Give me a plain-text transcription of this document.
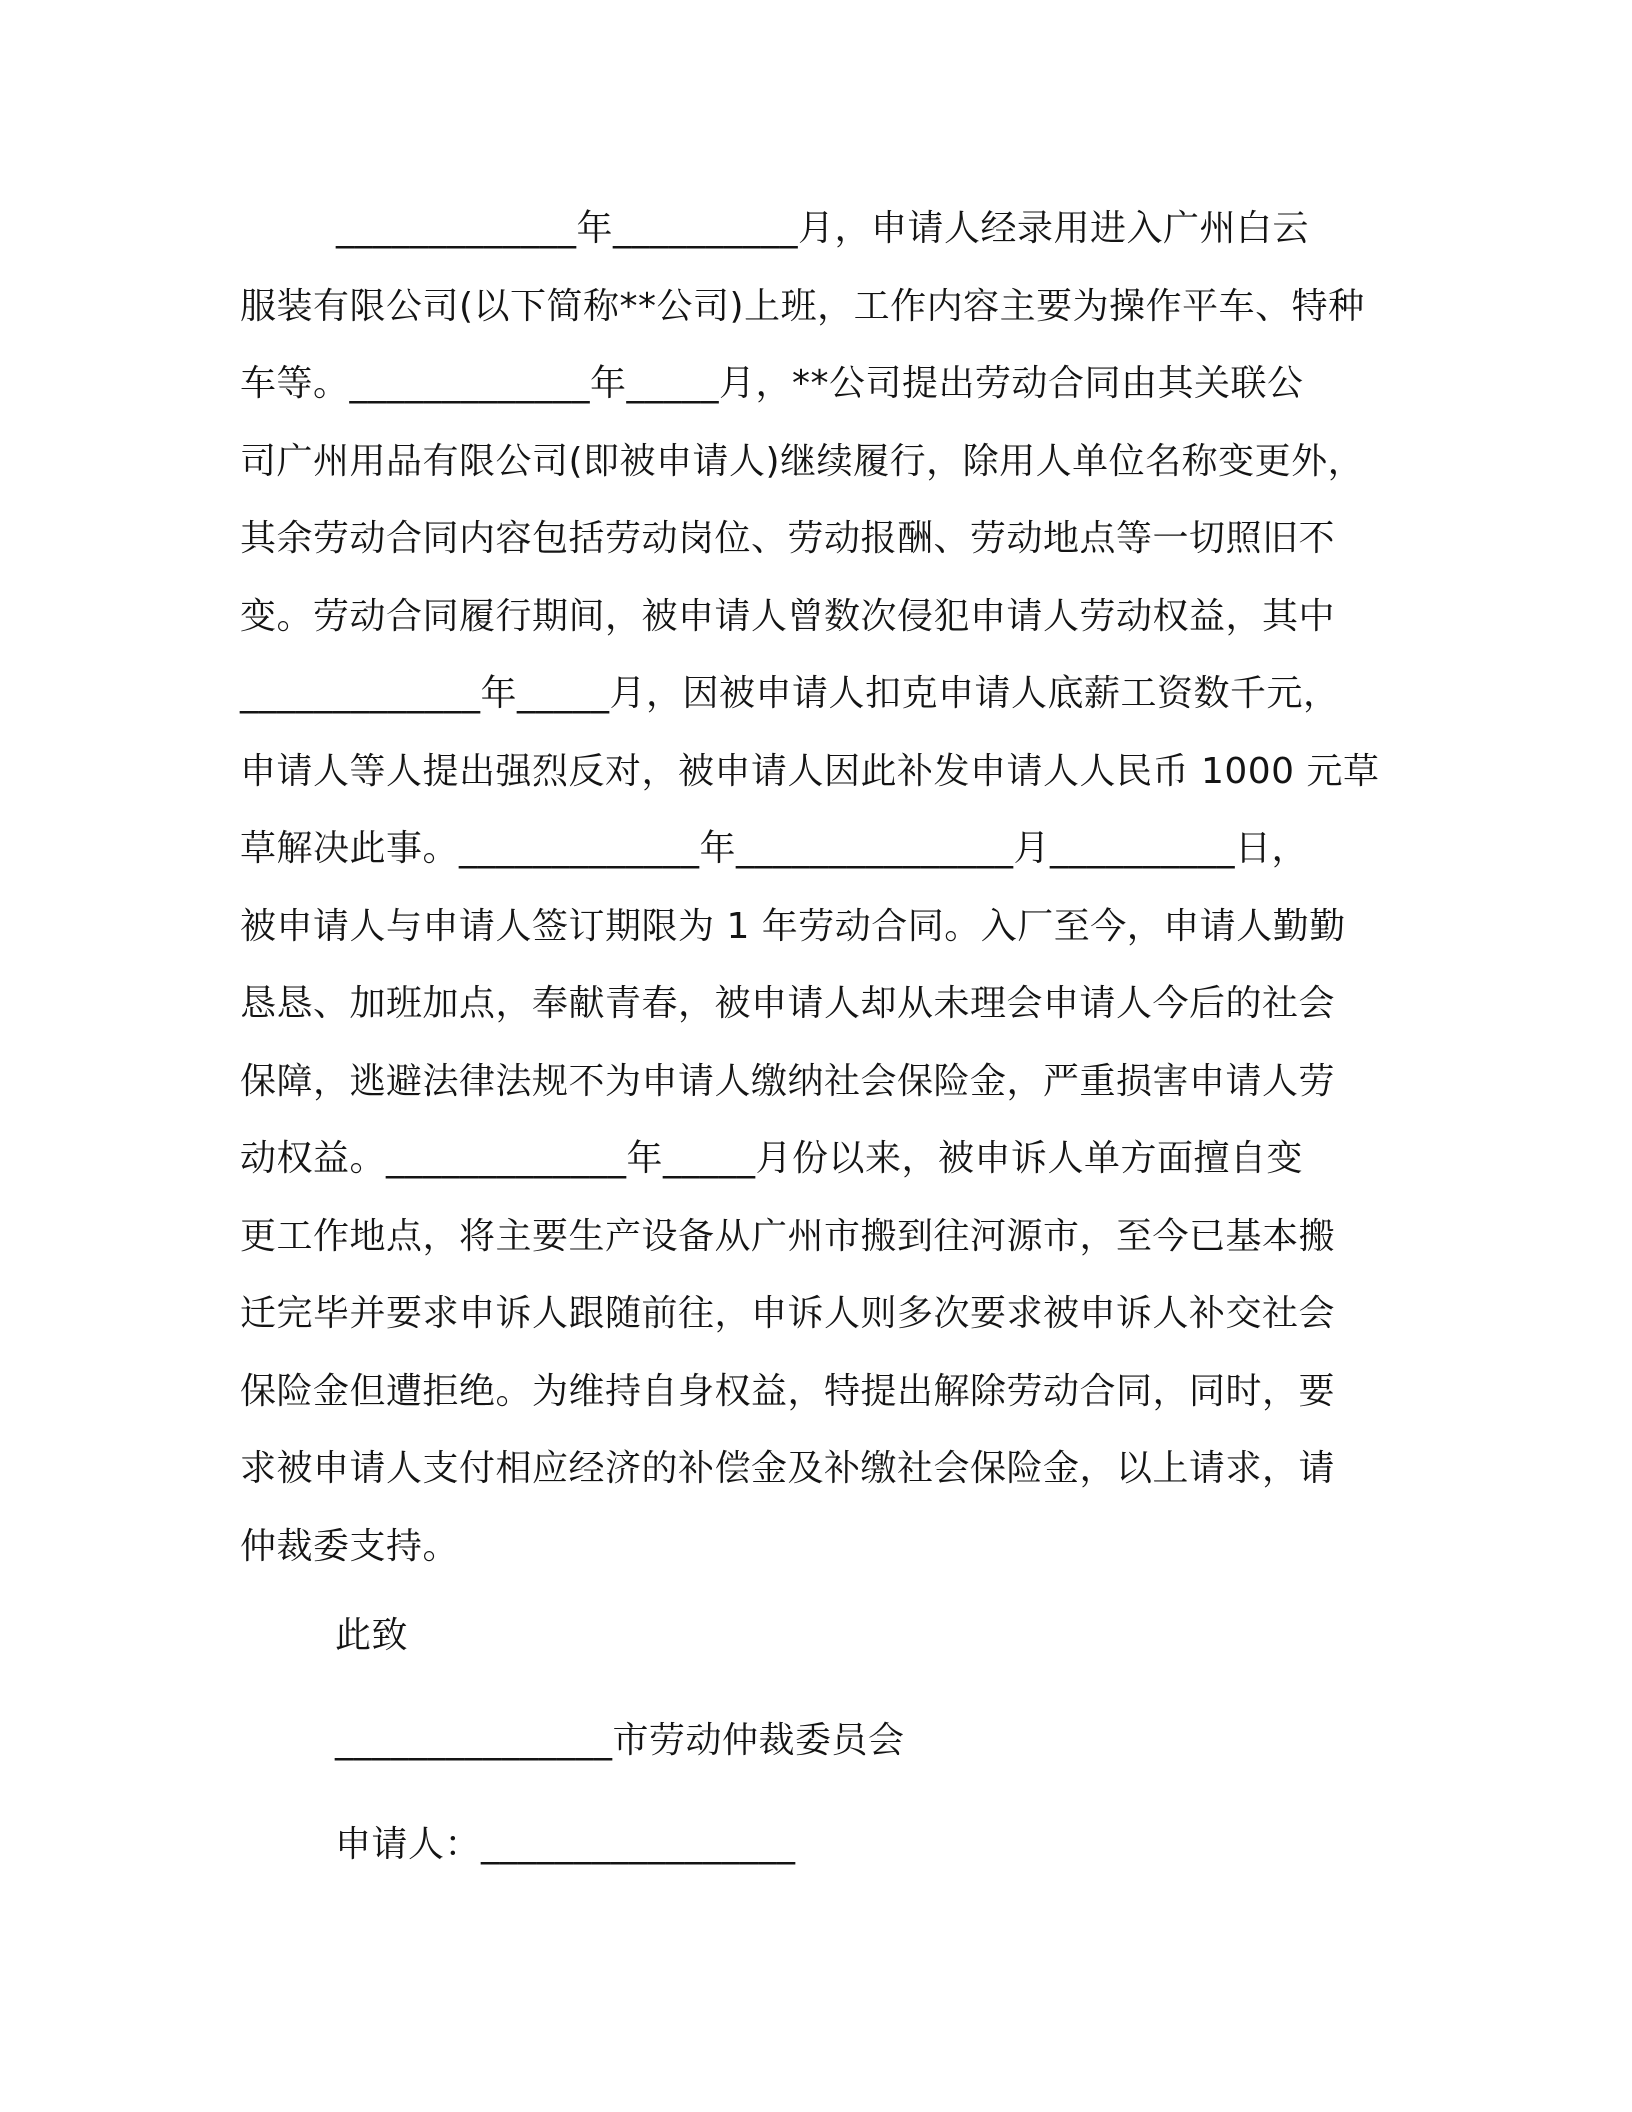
_____________年__________月，申请人经录用进入广州白云
服装有限公司(以下简称**公司)上班，工作内容主要为操作平车、特种
车等。_____________年_____月，**公司提出劳动合同由其关联公
司广州用品有限公司(即被申请人)继续履行，除用人单位名称变更外，
其余劳动合同内容包括劳动岗位、劳动报酬、劳动地点等一切照旧不
变。劳动合同履行期间，被申请人曾数次侵犯申请人劳动权益，其中
_____________年_____月，因被申请人扣克申请人底薪工资数千元，
申请人等人提出强烈反对，被申请人因此补发申请人人民币 1000 元草
草解决此事。_____________年_______________月__________日，
被申请人与申请人签订期限为 1 年劳动合同。入厂至今，申请人勤勤
恳恳、加班加点，奉献青春，被申请人却从未理会申请人今后的社会
保障，逃避法律法规不为申请人缴纳社会保险金，严重损害申请人劳
动权益。_____________年_____月份以来，被申诉人单方面擅自变
更工作地点，将主要生产设备从广州市搬到往河源市，至今已基本搬
迁完毕并要求申诉人跟随前往，申诉人则多次要求被申诉人补交社会
保险金但遭拒绝。为维持自身权益，特提出解除劳动合同，同时，要
求被申请人支付相应经济的补偿金及补缴社会保险金，以上请求，请
仲裁委支持。
此致
_______________市劳动仲裁委员会
申请人：_________________
